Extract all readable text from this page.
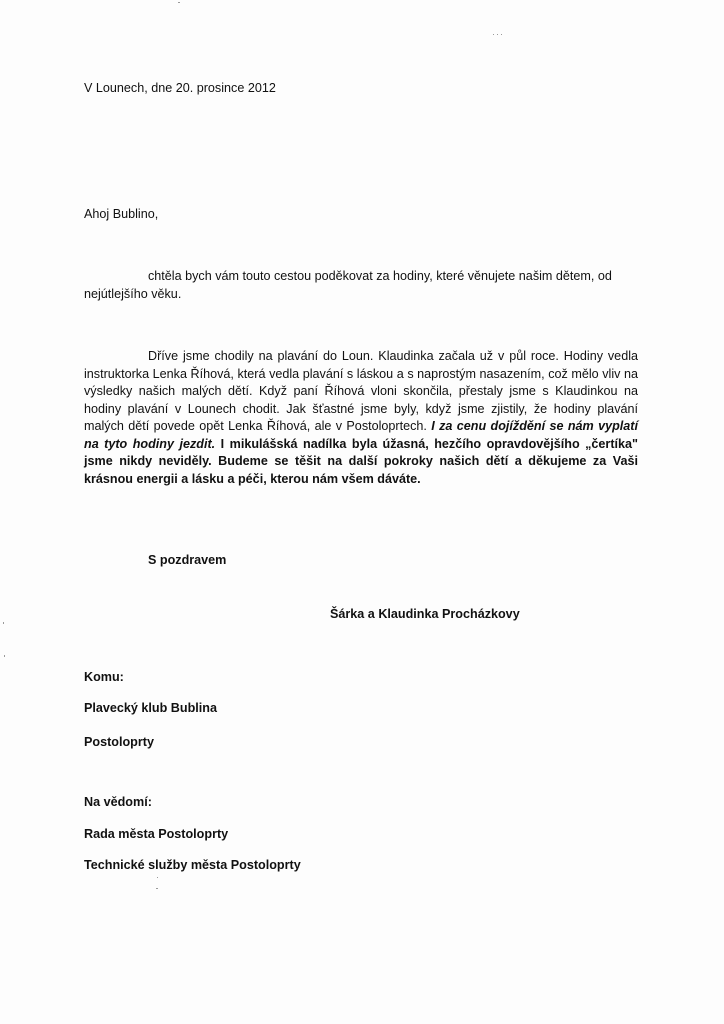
V Lounech, dne 20. prosince 2012
Ahoj Bublino,
chtěla bych vám touto cestou poděkovat za hodiny, které věnujete našim dětem, od
nejútlejšího věku.
Dříve jsme chodily na plavání do Loun. Klaudinka začala už v půl roce. Hodiny vedla instruktorka Lenka Říhová, která vedla plavání s láskou a s naprostým nasazením, což mělo vliv na výsledky našich malých dětí. Když paní Říhová vloni skončila, přestaly jsme s Klaudinkou na hodiny plavání v Lounech chodit. Jak šťastné jsme byly, když jsme zjistily, že hodiny plavání malých dětí povede opět Lenka Říhová, ale v Postoloprtech. I za cenu dojíždění se nám vyplatí na tyto hodiny jezdit. I mikulášská nadílka byla úžasná, hezčího opravdovějšího „čertíka" jsme nikdy neviděly. Budeme se těšit na další pokroky našich dětí a děkujeme za Vaši krásnou energii a lásku a péči, kterou nám všem dáváte.
S pozdravem
Šárka a Klaudinka Procházkovy
Komu:
Plavecký klub Bublina
Postoloprty
Na vědomí:
Rada města Postoloprty
Technické služby města Postoloprty
